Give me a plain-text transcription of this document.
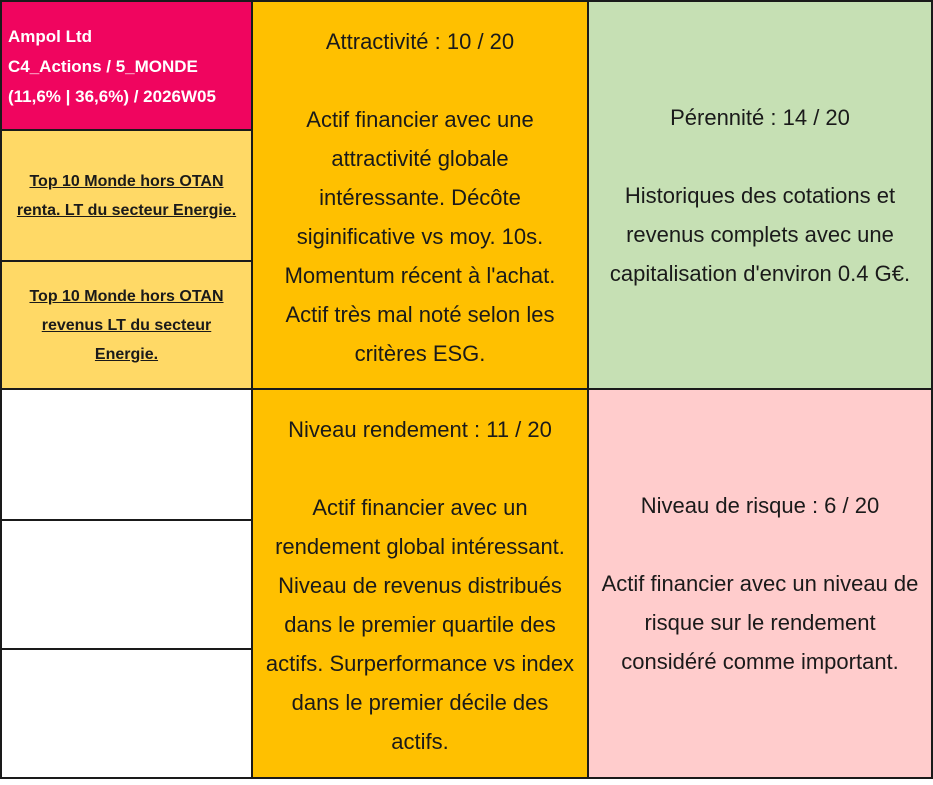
Ampol Ltd
C4_Actions / 5_MONDE
(11,6% | 36,6%) / 2026W05
Top 10 Monde hors OTAN
renta. LT du secteur Energie.
Top 10 Monde hors OTAN
revenus LT du secteur
Energie.
Attractivité : 10 / 20
Actif financier avec une
attractivité globale
intéressante. Décôte
siginificative vs moy. 10s.
Momentum récent à l'achat.
Actif très mal noté selon les
critères ESG.
Pérennité : 14 / 20
Historiques des cotations et
revenus complets avec une
capitalisation d'environ 0.4 G€.
Niveau rendement : 11 / 20
Actif financier avec un
rendement global intéressant.
Niveau de revenus distribués
dans le premier quartile des
actifs. Surperformance vs index
dans le premier décile des
actifs.
Niveau de risque : 6 / 20
Actif financier avec un niveau de
risque sur le rendement
considéré comme important.
